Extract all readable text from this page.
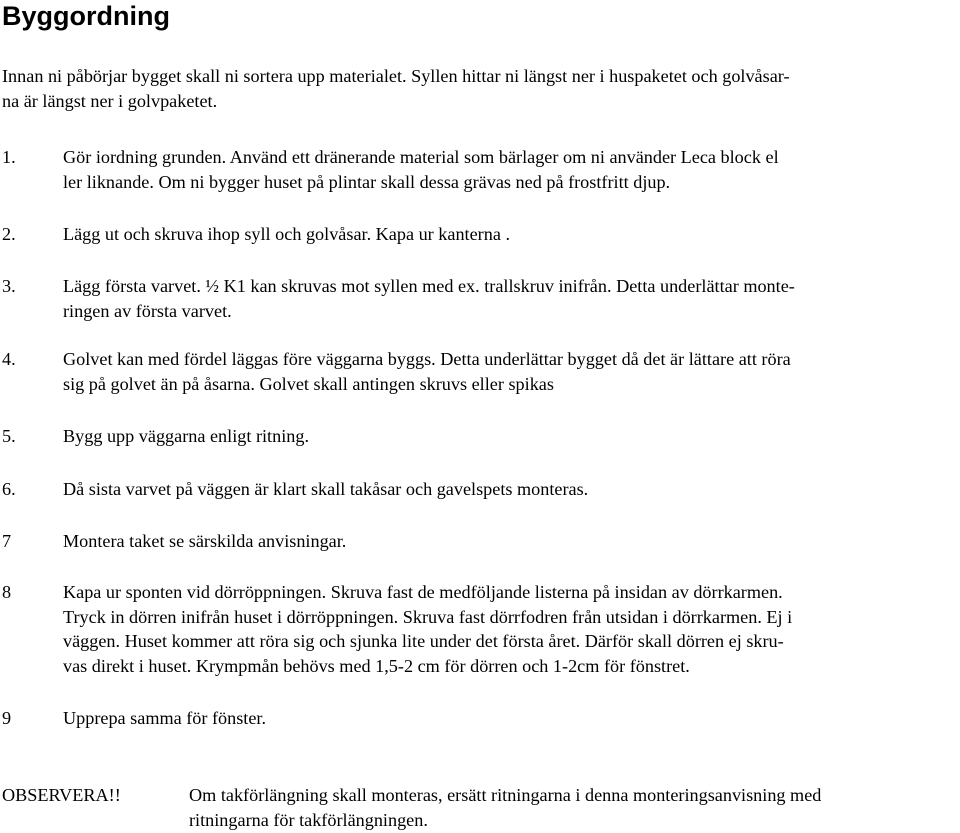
Byggordning
Innan ni påbörjar bygget skall ni sortera upp materialet. Syllen hittar ni längst ner i huspaketet och golvåsar-
na är längst ner i golvpaketet.
1.	Gör iordning grunden. Använd ett dränerande material som bärlager om ni använder Leca block el
ler liknande. Om ni bygger huset på plintar skall dessa grävas ned på frostfritt djup.
2.	Lägg ut och skruva ihop syll och golvåsar. Kapa ur kanterna .
3.	Lägg första varvet. ½ K1 kan skruvas mot syllen med ex. trallskruv inifrån. Detta underlättar monte-
ringen av första varvet.
4.	Golvet kan med fördel läggas före väggarna byggs. Detta underlättar bygget då det är lättare att röra
sig på golvet än på åsarna. Golvet skall antingen skruvs eller spikas
5.	Bygg upp väggarna enligt ritning.
6.	Då sista varvet på väggen är klart skall takåsar och gavelspets monteras.
7	Montera taket se särskilda anvisningar.
8	Kapa ur sponten vid dörröppningen. Skruva fast de medföljande listerna på insidan av dörrkarmen.
Tryck in dörren inifrån huset i dörröppningen. Skruva fast dörrfodren från utsidan i dörrkarmen. Ej i
väggen. Huset kommer att röra sig och sjunka lite under det första året. Därför skall dörren ej skru-
vas direkt i huset. Krympmån behövs med 1,5-2 cm för dörren och 1-2cm för fönstret.
9	Upprepa samma för fönster.
OBSERVERA!!	Om takförlängning skall monteras, ersätt ritningarna i denna monteringsanvisning med
ritningarna för takförlängningen.
